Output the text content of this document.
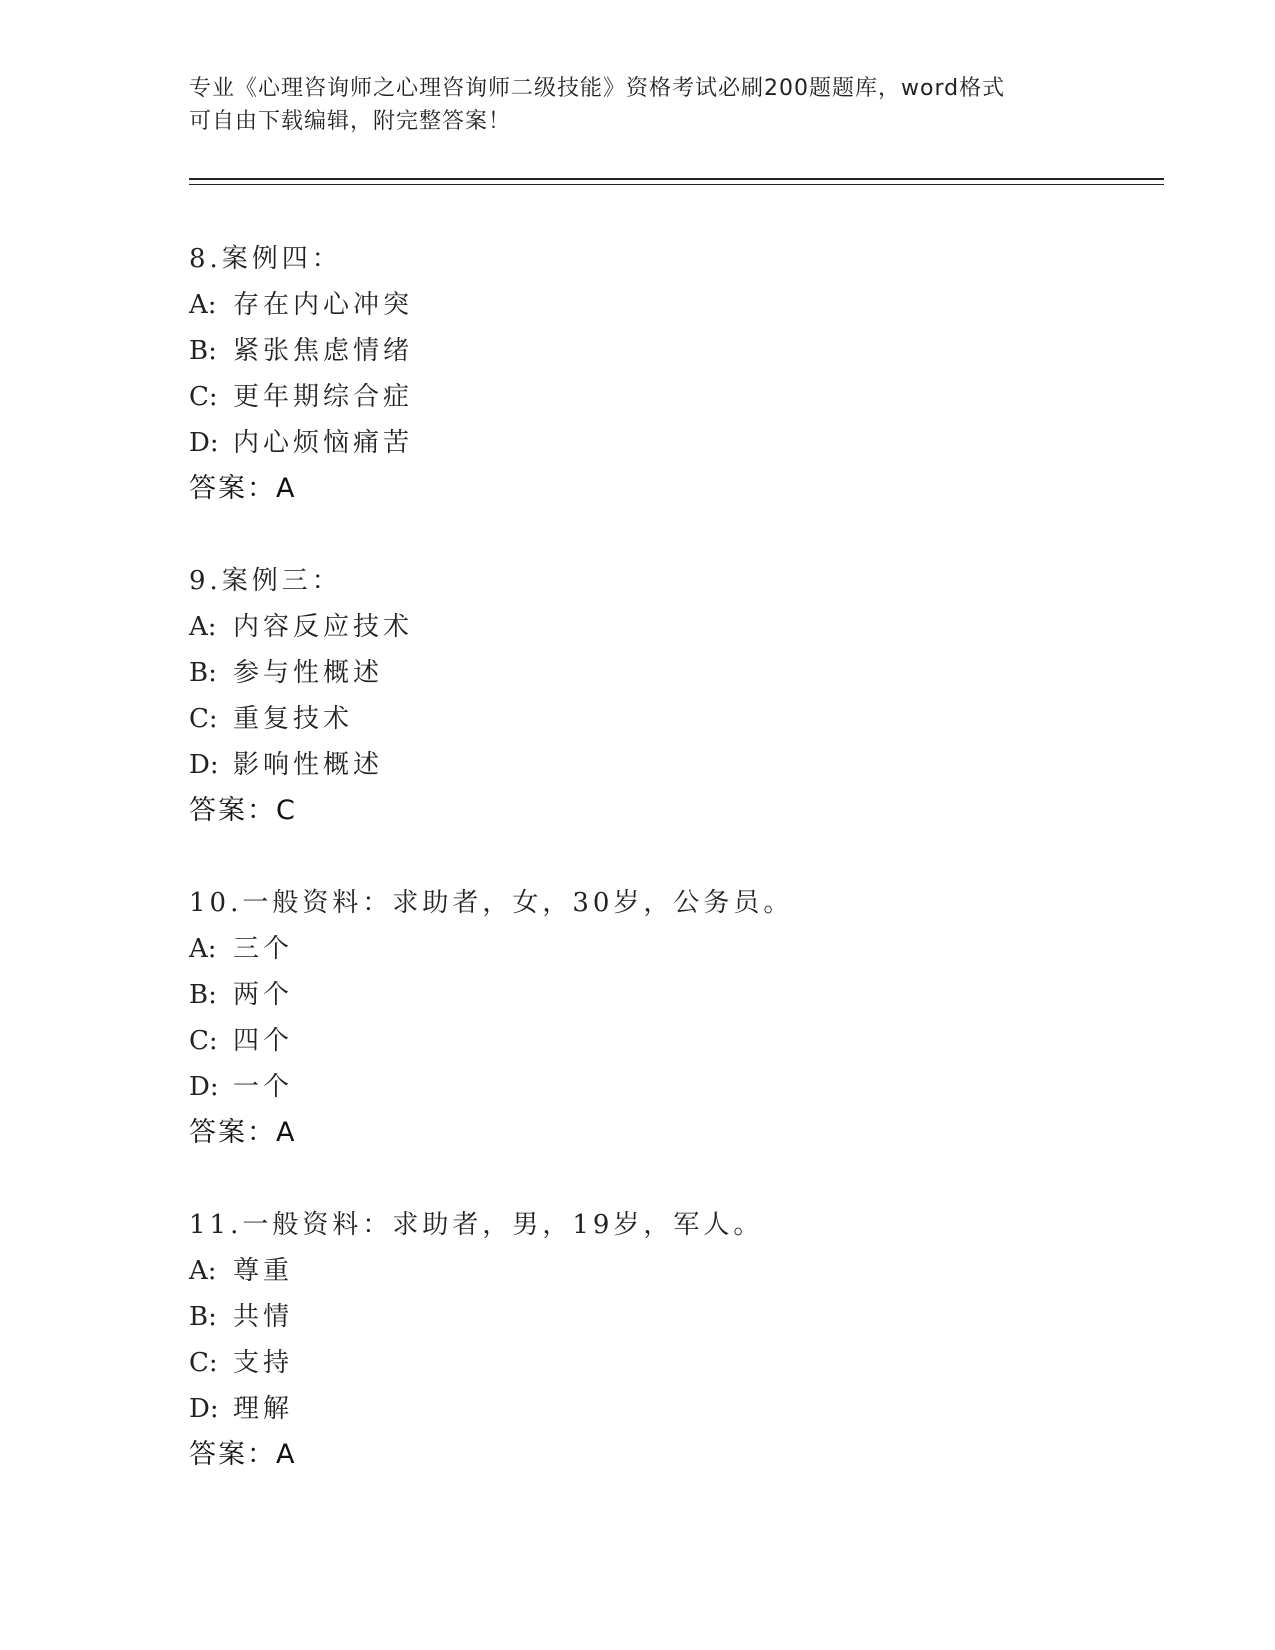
专业《心理咨询师之心理咨询师二级技能》资格考试必刷200题题库，word格式
可自由下载编辑，附完整答案！
8.案例四：
A: 存在内心冲突
B: 紧张焦虑情绪
C: 更年期综合症
D: 内心烦恼痛苦
答案：A
9.案例三：
A: 内容反应技术
B: 参与性概述
C: 重复技术
D: 影响性概述
答案：C
10.一般资料：求助者，女，30岁，公务员。
A: 三个
B: 两个
C: 四个
D: 一个
答案：A
11.一般资料：求助者，男，19岁，军人。
A: 尊重
B: 共情
C: 支持
D: 理解
答案：A
